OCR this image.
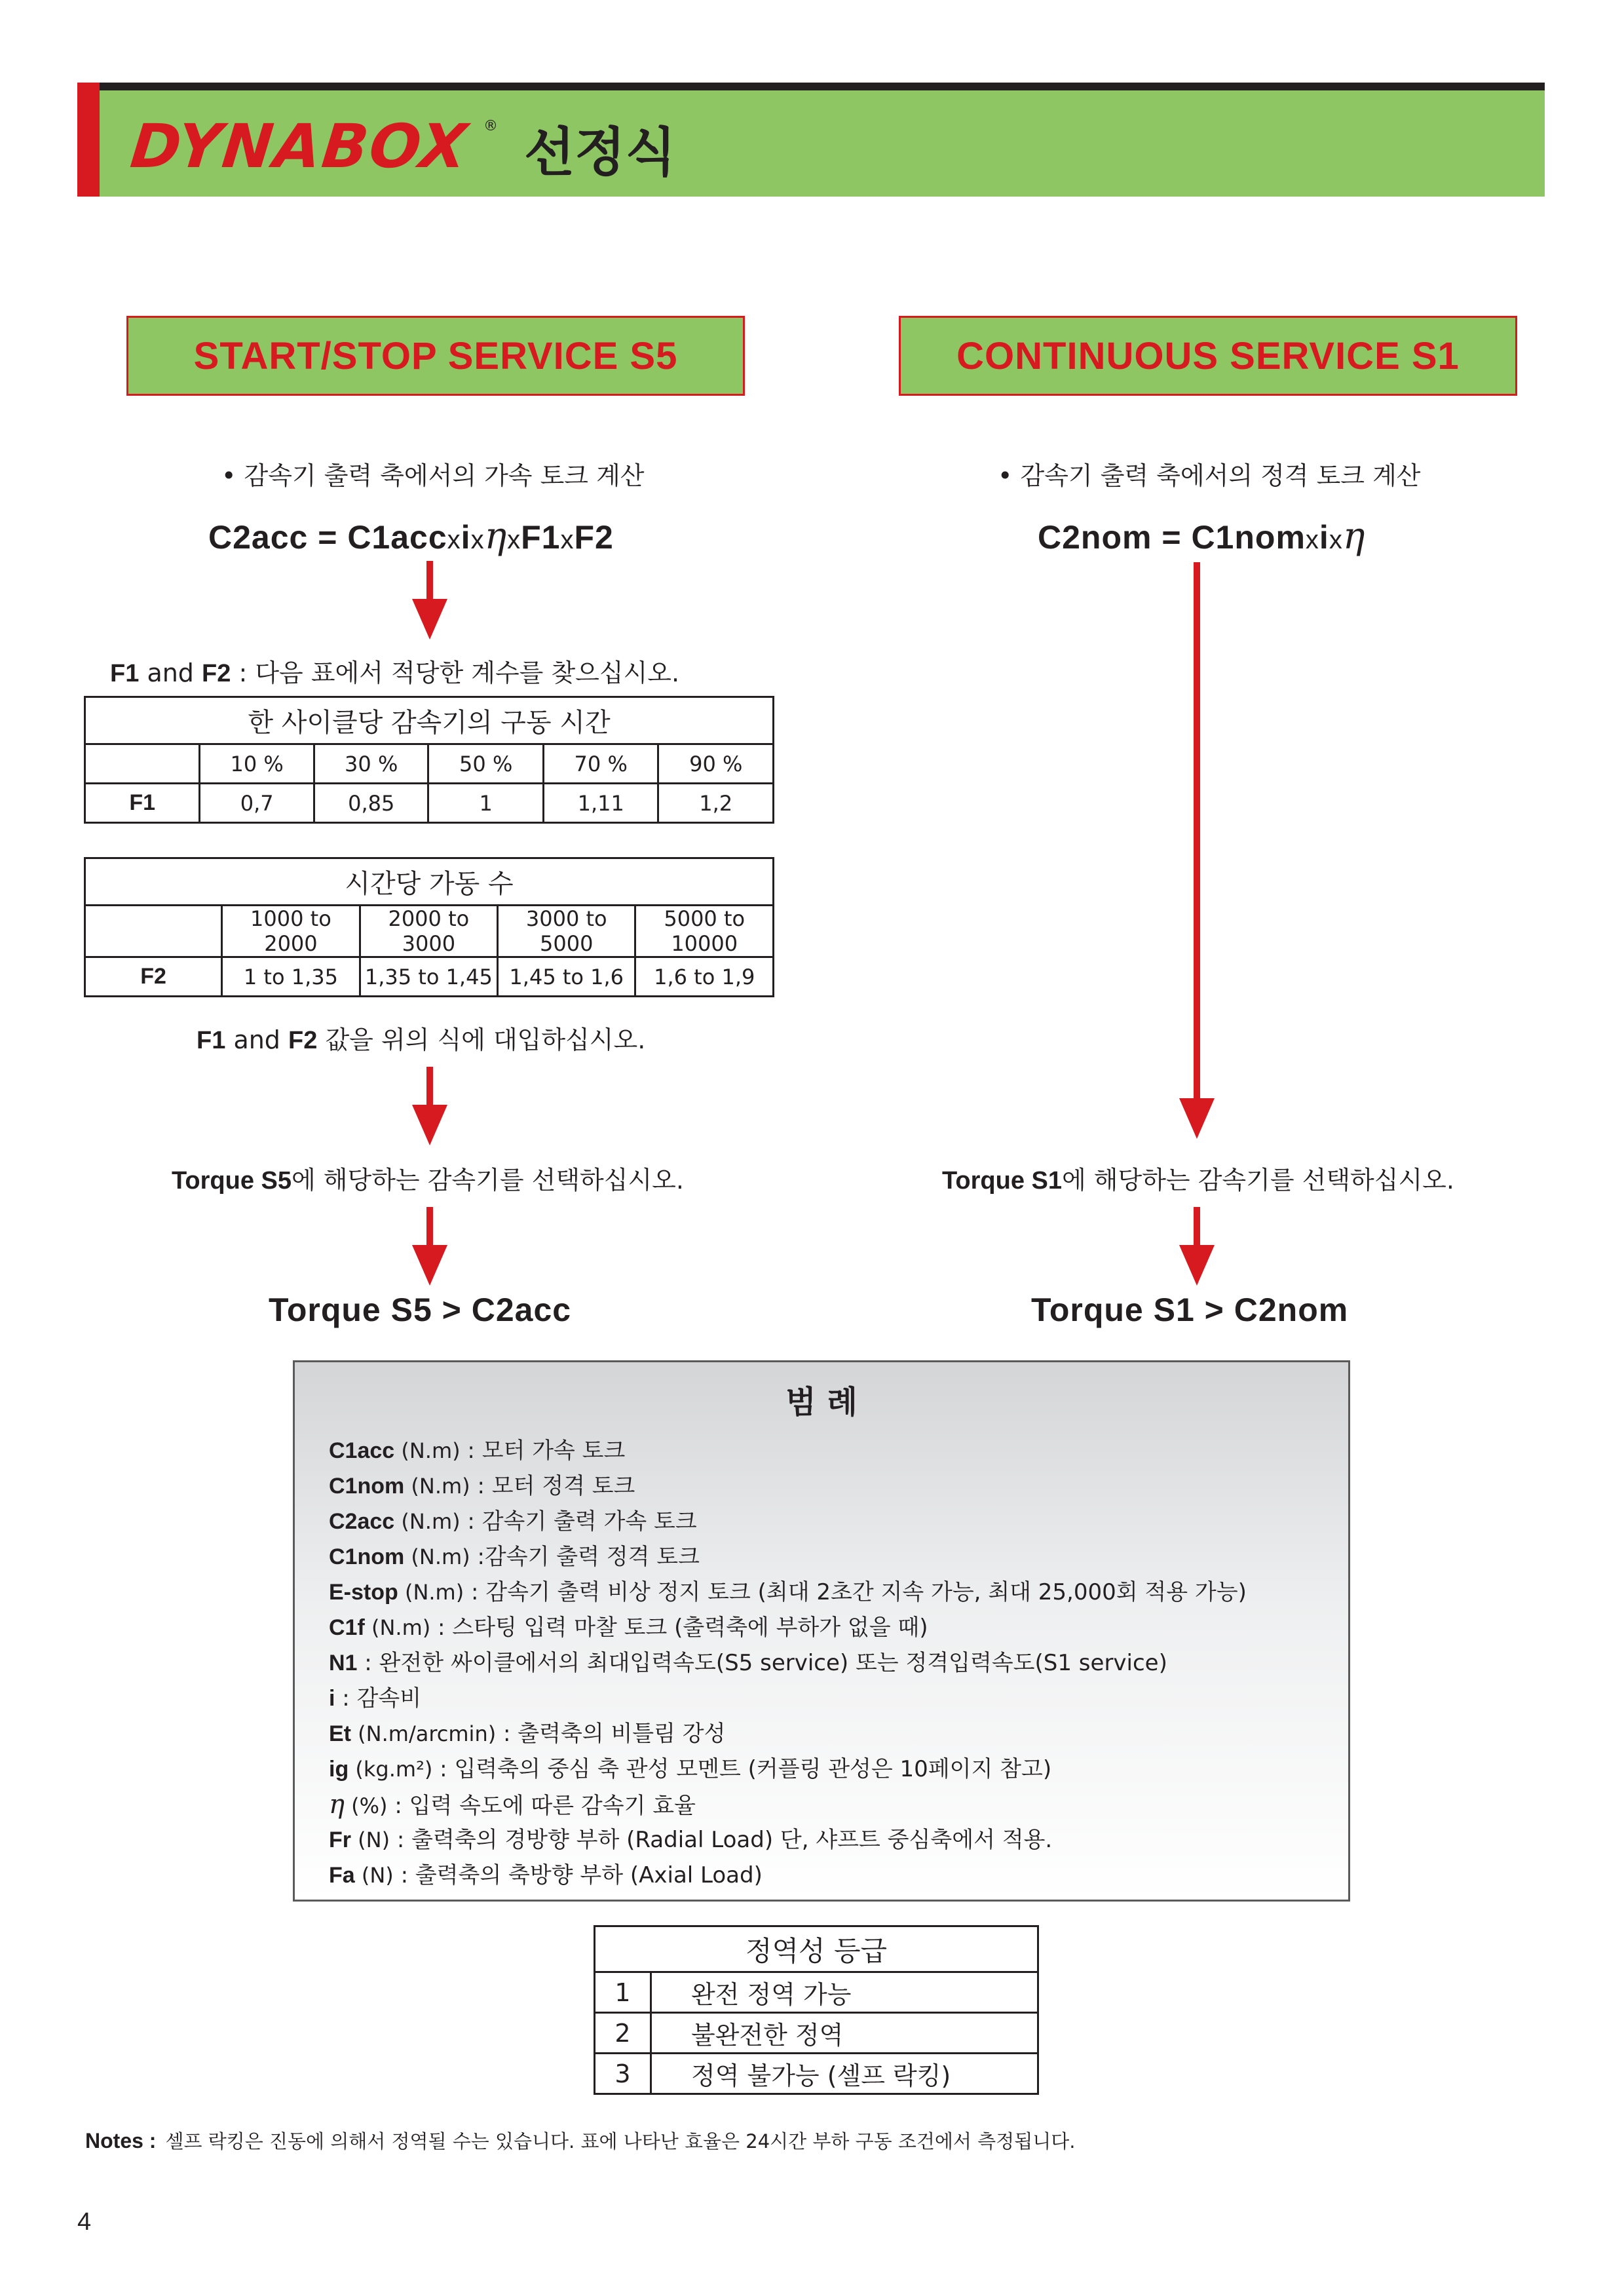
DYNABOX ® 선정식
START/STOP SERVICE S5	CONTINUOUS SERVICE S1
• 감속기 출력 축에서의 가속 토크 계산	• 감속기 출력 축에서의 정격 토크 계산
C2acc = C1accxixηxF1xF2	C2nom = C1nomxixη
F1 and F2 : 다음 표에서 적당한 계수를 찾으십시오.
한 사이클당 감속기의 구동 시간					
	10 %	30 %	50 %	70 %	90 %
F1	0,7	0,85	1	1,11	1,2
시간당 가동 수				
	1000 to 2000	2000 to 3000	3000 to 5000	5000 to 10000
F2	1 to 1,35	1,35 to 1,45	1,45 to 1,6	1,6 to 1,9
F1 and F2 값을 위의 식에 대입하십시오.
Torque S5에 해당하는 감속기를 선택하십시오.	Torque S1에 해당하는 감속기를 선택하십시오.
Torque S5 > C2acc	Torque S1 > C2nom
범 례
C1acc (N.m) : 모터 가속 토크
C1nom (N.m) : 모터 정격 토크
C2acc (N.m) : 감속기 출력 가속 토크
C1nom (N.m) :감속기 출력 정격 토크
E-stop (N.m) : 감속기 출력 비상 정지 토크 (최대 2초간 지속 가능, 최대 25,000회 적용 가능)
C1f (N.m) : 스타팅 입력 마찰 토크 (출력축에 부하가 없을 때)
N1 : 완전한 싸이클에서의 최대입력속도(S5 service) 또는 정격입력속도(S1 service)
i : 감속비
Et (N.m/arcmin) : 출력축의 비틀림 강성
ig (kg.m²) : 입력축의 중심 축 관성 모멘트 (커플링 관성은 10페이지 참고)
η (%) : 입력 속도에 따른 감속기 효율
Fr (N) : 출력축의 경방향 부하 (Radial Load) 단, 샤프트 중심축에서 적용.
Fa (N) : 출력축의 축방향 부하 (Axial Load)
정역성 등급	
1	완전 정역 가능
2	불완전한 정역
3	정역 불가능 (셀프 락킹)
Notes : 셀프 락킹은 진동에 의해서 정역될 수는 있습니다. 표에 나타난 효율은 24시간 부하 구동 조건에서 측정됩니다.
4
